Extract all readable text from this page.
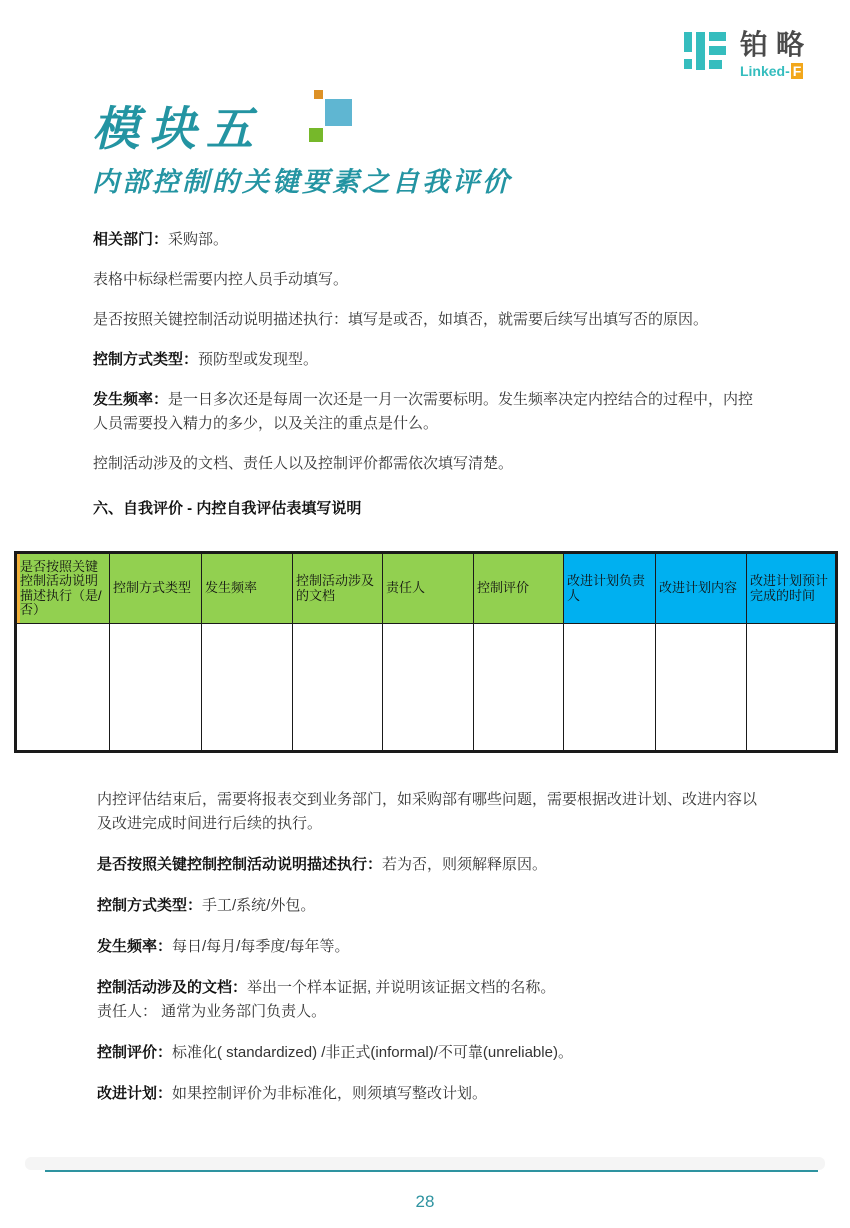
铂略
Linked- F
模块五
内部控制的关键要素之自我评价

相关部门：采购部。

表格中标绿栏需要内控人员手动填写。

是否按照关键控制活动说明描述执行：填写是或否，如填否，就需要后续写出填写否的原因。

控制方式类型：预防型或发现型。

发生频率：是一日多次还是每周一次还是一月一次需要标明。发生频率决定内控结合的过程中，内控人员需要投入精力的多少，以及关注的重点是什么。

控制活动涉及的文档、责任人以及控制评价都需依次填写清楚。

六、自我评价 - 内控自我评估表填写说明
是否按照关键控制活动说明描述执行（是/否）	控制方式类型	发生频率	控制活动涉及的文档	责任人	控制评价	改进计划负责人	改进计划内容	改进计划预计完成的时间

内控评估结束后，需要将报表交到业务部门，如采购部有哪些问题，需要根据改进计划、改进内容以及改进完成时间进行后续的执行。

是否按照关键控制控制活动说明描述执行：若为否，则须解释原因。

控制方式类型：手工/系统/外包。

发生频率：每日/每月/每季度/每年等。

控制活动涉及的文档：举出一个样本证据, 并说明该证据文档的名称。
责任人： 通常为业务部门负责人。

控制评价：标准化( standardized) /非正式(informal)/不可靠(unreliable)。

改进计划：如果控制评价为非标准化，则须填写整改计划。

28
